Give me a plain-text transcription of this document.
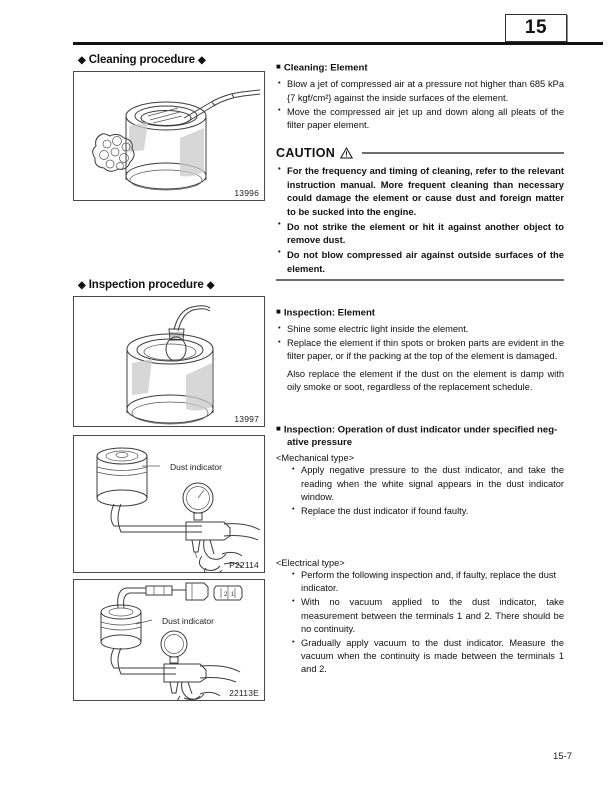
15
◆ Cleaning procedure ◆
13996
◆ Inspection procedure ◆
13997
Dust indicator
P22114
2 1
Dust indicator
22113E
■ Cleaning: Element
• Blow a jet of compressed air at a pressure not higher than 685 kPa {7 kgf/cm²} against the inside surfaces of the element.
• Move the compressed air jet up and down along all pleats of the filter paper element.
CAUTION
• For the frequency and timing of cleaning, refer to the relevant instruction manual. More frequent cleaning than necessary could damage the element or cause dust and foreign matter to be sucked into the engine.
• Do not strike the element or hit it against another object to remove dust.
• Do not blow compressed air against outside surfaces of the element.
■ Inspection: Element
• Shine some electric light inside the element.
• Replace the element if thin spots or broken parts are evident in the filter paper, or if the packing at the top of the element is damaged.
Also replace the element if the dust on the element is damp with oily smoke or soot, regardless of the replacement schedule.
■ Inspection: Operation of dust indicator under specified neg-
ative pressure
<Mechanical type>
• Apply negative pressure to the dust indicator, and take the reading when the white signal appears in the dust indicator window.
• Replace the dust indicator if found faulty.
<Electrical type>
• Perform the following inspection and, if faulty, replace the dust indicator.
• With no vacuum applied to the dust indicator, take measurement between the terminals 1 and 2. There should be no continuity.
• Gradually apply vacuum to the dust indicator. Measure the vacuum when the continuity is made between the terminals 1 and 2.
15-7
